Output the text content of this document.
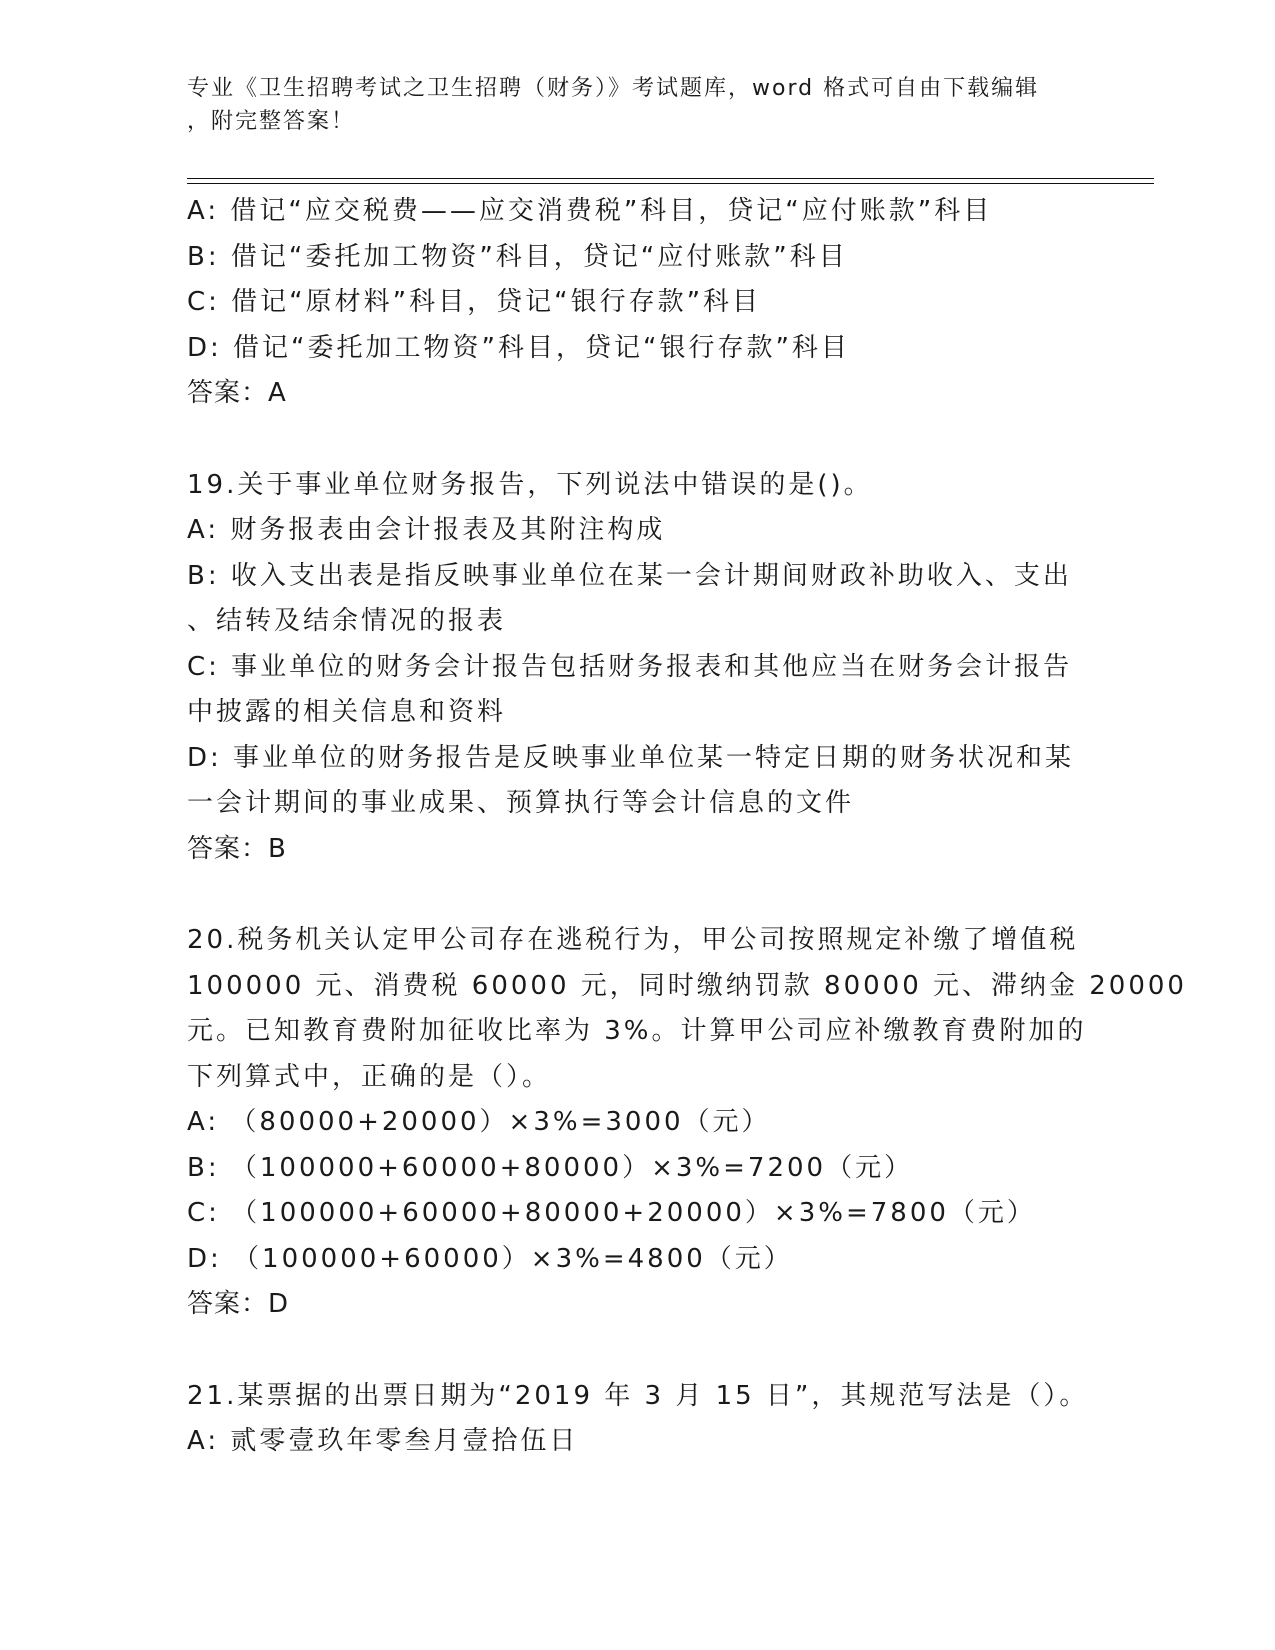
专业《卫生招聘考试之卫生招聘（财务）》考试题库，word 格式可自由下载编辑
，附完整答案！

A: 借记“应交税费——应交消费税”科目，贷记“应付账款”科目

B: 借记“委托加工物资”科目，贷记“应付账款”科目

C: 借记“原材料”科目，贷记“银行存款”科目

D: 借记“委托加工物资”科目，贷记“银行存款”科目

答案：A

19.关于事业单位财务报告，下列说法中错误的是()。

A: 财务报表由会计报表及其附注构成

B: 收入支出表是指反映事业单位在某一会计期间财政补助收入、支出

、结转及结余情况的报表

C: 事业单位的财务会计报告包括财务报表和其他应当在财务会计报告

中披露的相关信息和资料

D: 事业单位的财务报告是反映事业单位某一特定日期的财务状况和某

一会计期间的事业成果、预算执行等会计信息的文件

答案：B

20.税务机关认定甲公司存在逃税行为，甲公司按照规定补缴了增值税

100000 元、消费税 60000 元，同时缴纳罚款 80000 元、滞纳金 20000

元。已知教育费附加征收比率为 3%。计算甲公司应补缴教育费附加的

下列算式中，正确的是（）。

A: （80000+20000）×3%=3000（元）

B: （100000+60000+80000）×3%=7200（元）

C: （100000+60000+80000+20000）×3%=7800（元）

D: （100000+60000）×3%=4800（元）

答案：D

21.某票据的出票日期为“2019 年 3 月 15 日”，其规范写法是（）。

A: 贰零壹玖年零叁月壹拾伍日
